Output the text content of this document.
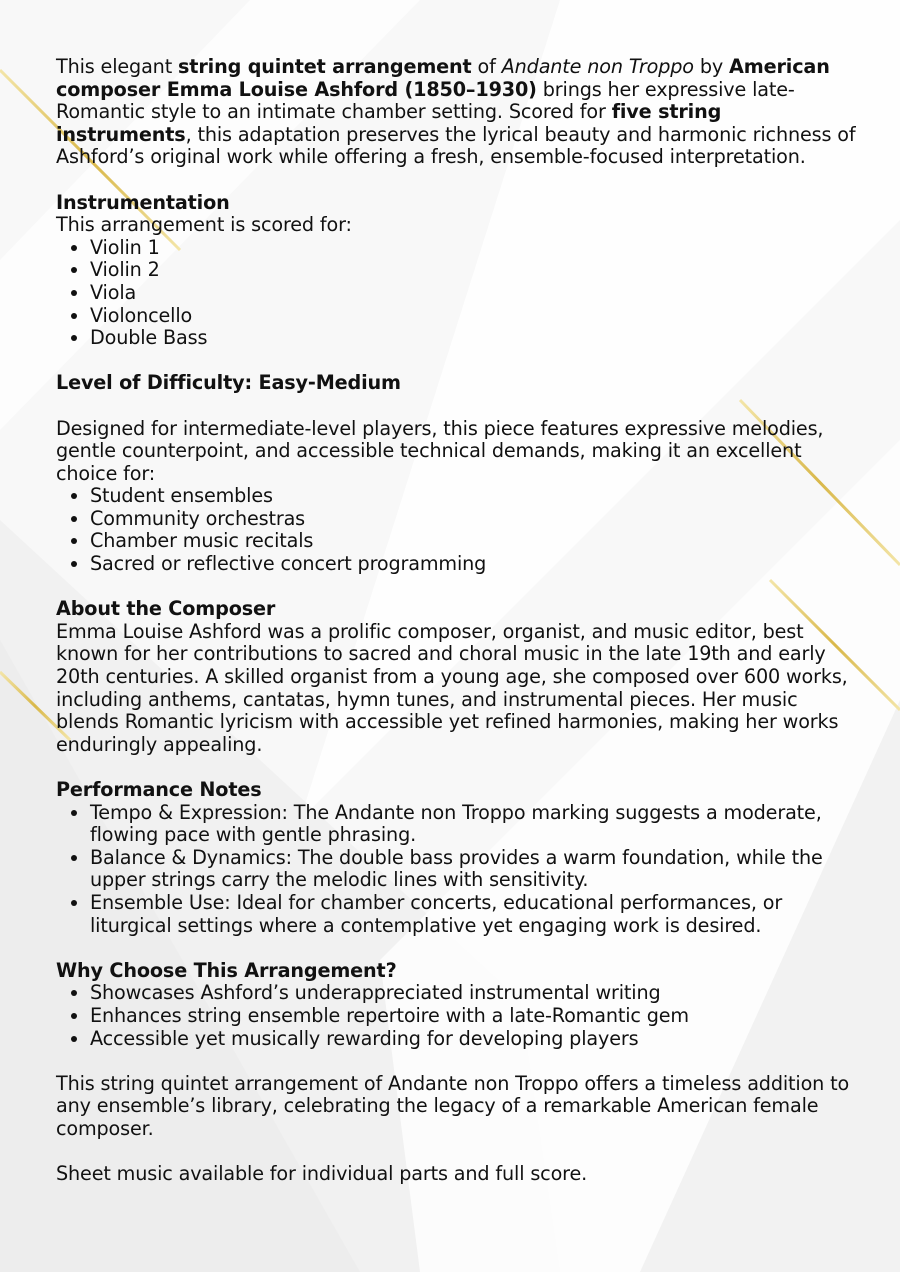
This elegant string quintet arrangement of Andante non Troppo by American composer Emma Louise Ashford (1850–1930) brings her expressive late-Romantic style to an intimate chamber setting. Scored for five string instruments, this adaptation preserves the lyrical beauty and harmonic richness of Ashford’s original work while offering a fresh, ensemble-focused interpretation.

Instrumentation

This arrangement is scored for:

• Violin 1
• Violin 2
• Viola
• Violoncello
• Double Bass

Level of Difficulty: Easy-Medium

Designed for intermediate-level players, this piece features expressive melodies, gentle counterpoint, and accessible technical demands, making it an excellent choice for:

• Student ensembles
• Community orchestras
• Chamber music recitals
• Sacred or reflective concert programming

About the Composer

Emma Louise Ashford was a prolific composer, organist, and music editor, best known for her contributions to sacred and choral music in the late 19th and early 20th centuries. A skilled organist from a young age, she composed over 600 works, including anthems, cantatas, hymn tunes, and instrumental pieces. Her music blends Romantic lyricism with accessible yet refined harmonies, making her works enduringly appealing.

Performance Notes

• Tempo & Expression: The Andante non Troppo marking suggests a moderate, flowing pace with gentle phrasing.
• Balance & Dynamics: The double bass provides a warm foundation, while the upper strings carry the melodic lines with sensitivity.
• Ensemble Use: Ideal for chamber concerts, educational performances, or liturgical settings where a contemplative yet engaging work is desired.

Why Choose This Arrangement?

• Showcases Ashford’s underappreciated instrumental writing
• Enhances string ensemble repertoire with a late-Romantic gem
• Accessible yet musically rewarding for developing players

This string quintet arrangement of Andante non Troppo offers a timeless addition to any ensemble’s library, celebrating the legacy of a remarkable American female composer.

Sheet music available for individual parts and full score.
